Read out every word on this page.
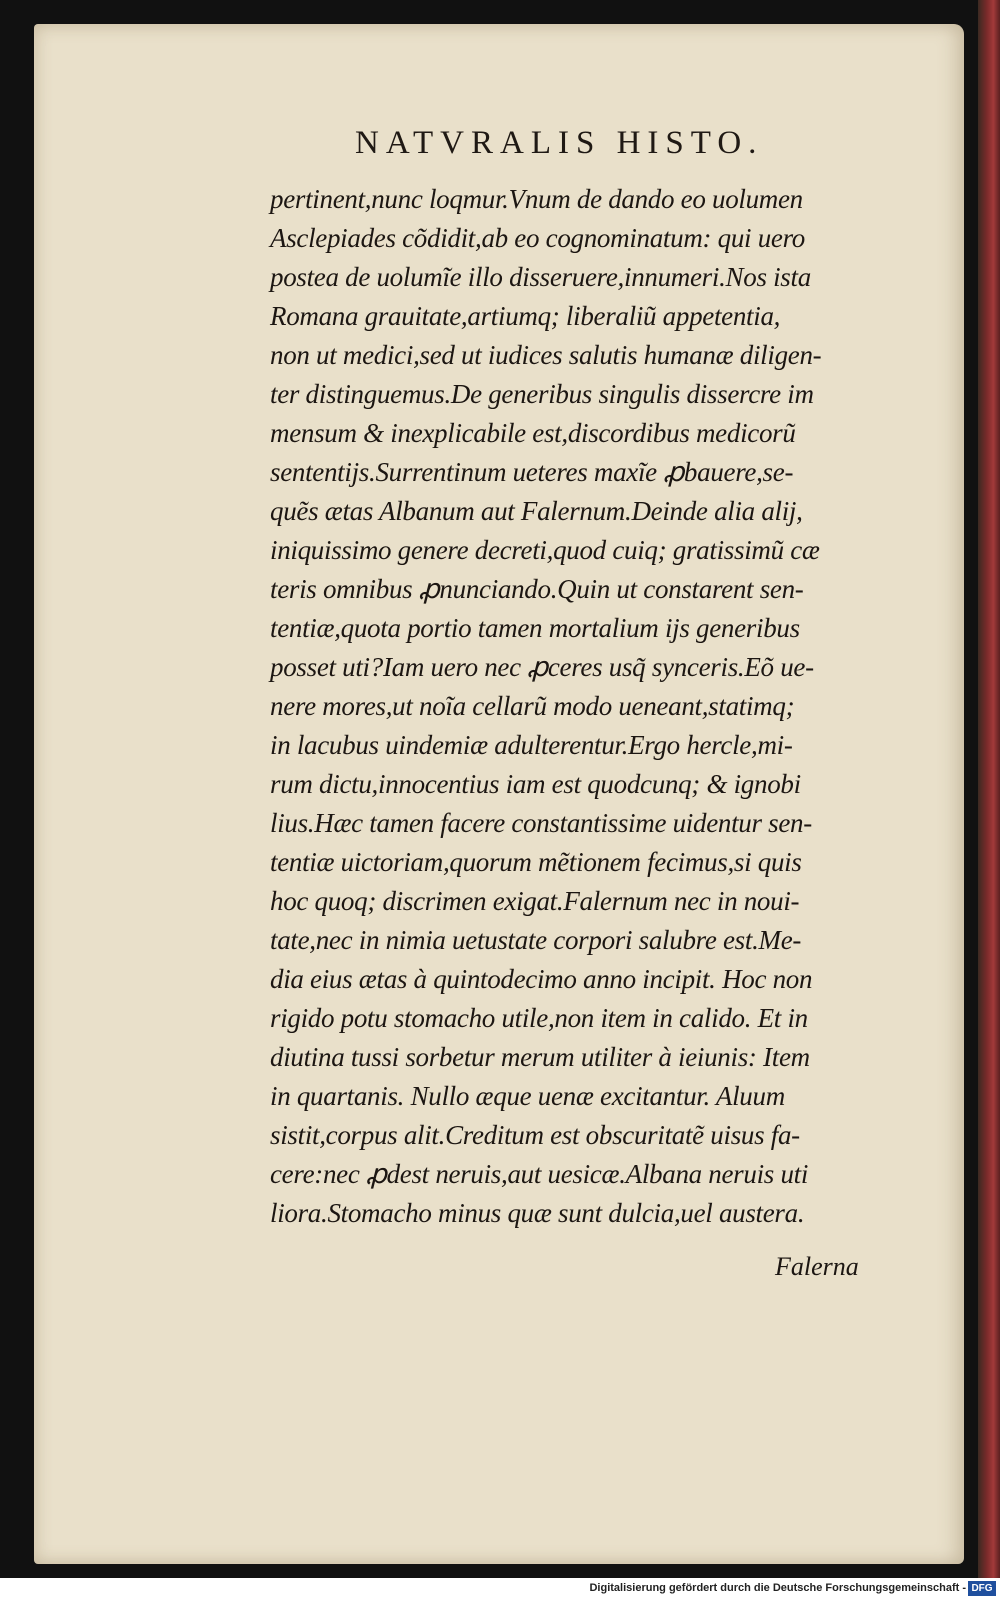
NATVRALIS HISTO.
pertinent,nunc loqmur.Vnum de dando eo uolumen
Asclepiades cõdidit,ab eo cognominatum: qui uero
postea de uolumĩe illo disseruere,innumeri.Nos ista
Romana grauitate,artiumq; liberaliũ appetentia,
non ut medici,sed ut iudices salutis humanæ diligen-
ter distinguemus.De generibus singulis dissercre im
mensum & inexplicabile est,discordibus medicorũ
sententijs.Surrentinum ueteres maxĩe ꝓbauere,se-
quẽs ætas Albanum aut Falernum.Deinde alia alij,
iniquissimo genere decreti,quod cuiq; gratissimũ cæ
teris omnibus ꝓnunciando.Quin ut constarent sen-
tentiæ,quota portio tamen mortalium ijs generibus
posset uti?Iam uero nec ꝓceres usq̃ synceris.Eõ ue-
nere mores,ut noĩa cellarũ modo ueneant,statimq;
in lacubus uindemiæ adulterentur.Ergo hercle,mi-
rum dictu,innocentius iam est quodcunq; & ignobi
lius.Hæc tamen facere constantissime uidentur sen-
tentiæ uictoriam,quorum mẽtionem fecimus,si quis
hoc quoq; discrimen exigat.Falernum nec in noui-
tate,nec in nimia uetustate corpori salubre est.Me-
dia eius ætas à quintodecimo anno incipit. Hoc non
rigido potu stomacho utile,non item in calido. Et in
diutina tussi sorbetur merum utiliter à ieiunis: Item
in quartanis. Nullo æque uenæ excitantur. Aluum
sistit,corpus alit.Creditum est obscuritatẽ uisus fa-
cere:nec ꝓdest neruis,aut uesicæ.Albana neruis uti
liora.Stomacho minus quæ sunt dulcia,uel austera.
Falerna
Digitalisierung gefördert durch die Deutsche Forschungsgemeinschaft - DFG
